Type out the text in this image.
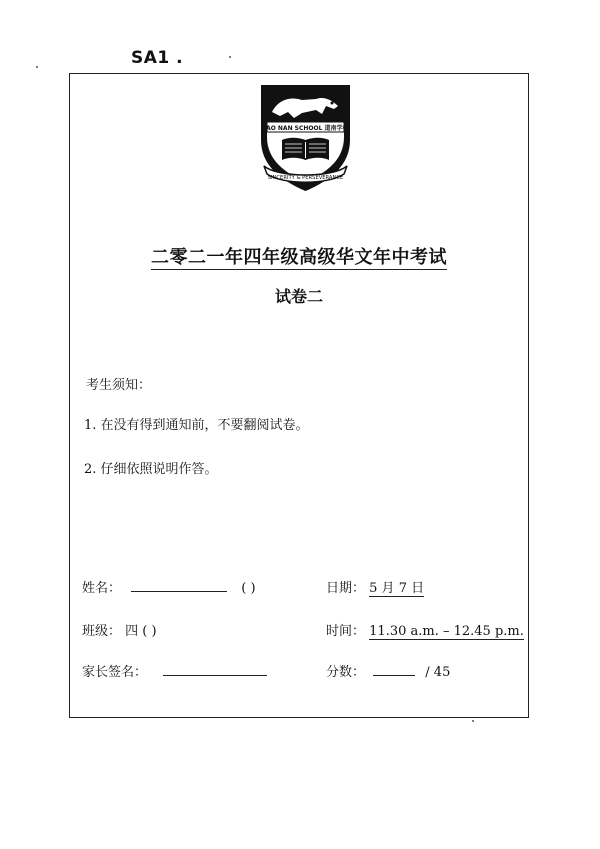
SA1 .
TAO NAN SCHOOL 道南学校
SINCERITY & PERSEVERANCE
二零二一年四年级高级华文年中考试
试卷二
考生须知：
1. 在没有得到通知前，不要翻阅试卷。
2. 仔细依照说明作答。
姓名：	( )
班级： 四 ( )
家长签名：
日期： 5 月 7 日
时间： 11.30 a.m. – 12.45 p.m.
分数：	/ 45
